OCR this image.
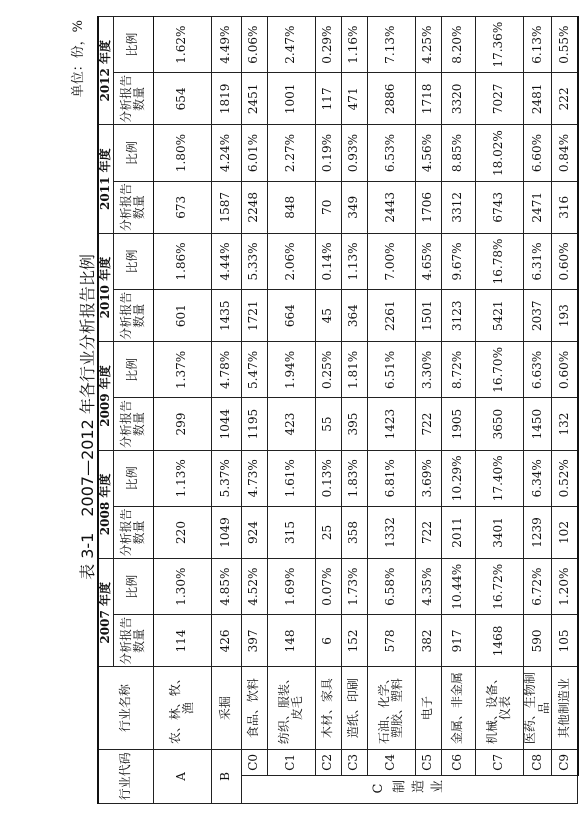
表 3-1　2007—2012 年各行业分析报告比例
单位：份，%
行业代码		行业名称	2007 年度		2008 年度		2009 年度		2010 年度		2011 年度		2012 年度	
			分析报告数量	比例	分析报告数量	比例	分析报告数量	比例	分析报告数量	比例	分析报告数量	比例	分析报告数量	比例
A		农、林、牧、渔	114	1.30%	220	1.13%	299	1.37%	601	1.86%	673	1.80%	654	1.62%
B		采掘	426	4.85%	1049	5.37%	1044	4.78%	1435	4.44%	1587	4.24%	1819	4.49%
C制造业	C0	食品、饮料	397	4.52%	924	4.73%	1195	5.47%	1721	5.33%	2248	6.01%	2451	6.06%
	C1	纺织、服装、皮毛	148	1.69%	315	1.61%	423	1.94%	664	2.06%	848	2.27%	1001	2.47%
	C2	木材、家具	6	0.07%	25	0.13%	55	0.25%	45	0.14%	70	0.19%	117	0.29%
	C3	造纸、印刷	152	1.73%	358	1.83%	395	1.81%	364	1.13%	349	0.93%	471	1.16%
	C4	石油、化学、塑胶、塑料	578	6.58%	1332	6.81%	1423	6.51%	2261	7.00%	2443	6.53%	2886	7.13%
	C5	电子	382	4.35%	722	3.69%	722	3.30%	1501	4.65%	1706	4.56%	1718	4.25%
	C6	金属、非金属	917	10.44%	2011	10.29%	1905	8.72%	3123	9.67%	3312	8.85%	3320	8.20%
	C7	机械、设备、仪表	1468	16.72%	3401	17.40%	3650	16.70%	5421	16.78%	6743	18.02%	7027	17.36%
	C8	医药、生物制品	590	6.72%	1239	6.34%	1450	6.63%	2037	6.31%	2471	6.60%	2481	6.13%
	C9	其他制造业	105	1.20%	102	0.52%	132	0.60%	193	0.60%	316	0.84%	222	0.55%
